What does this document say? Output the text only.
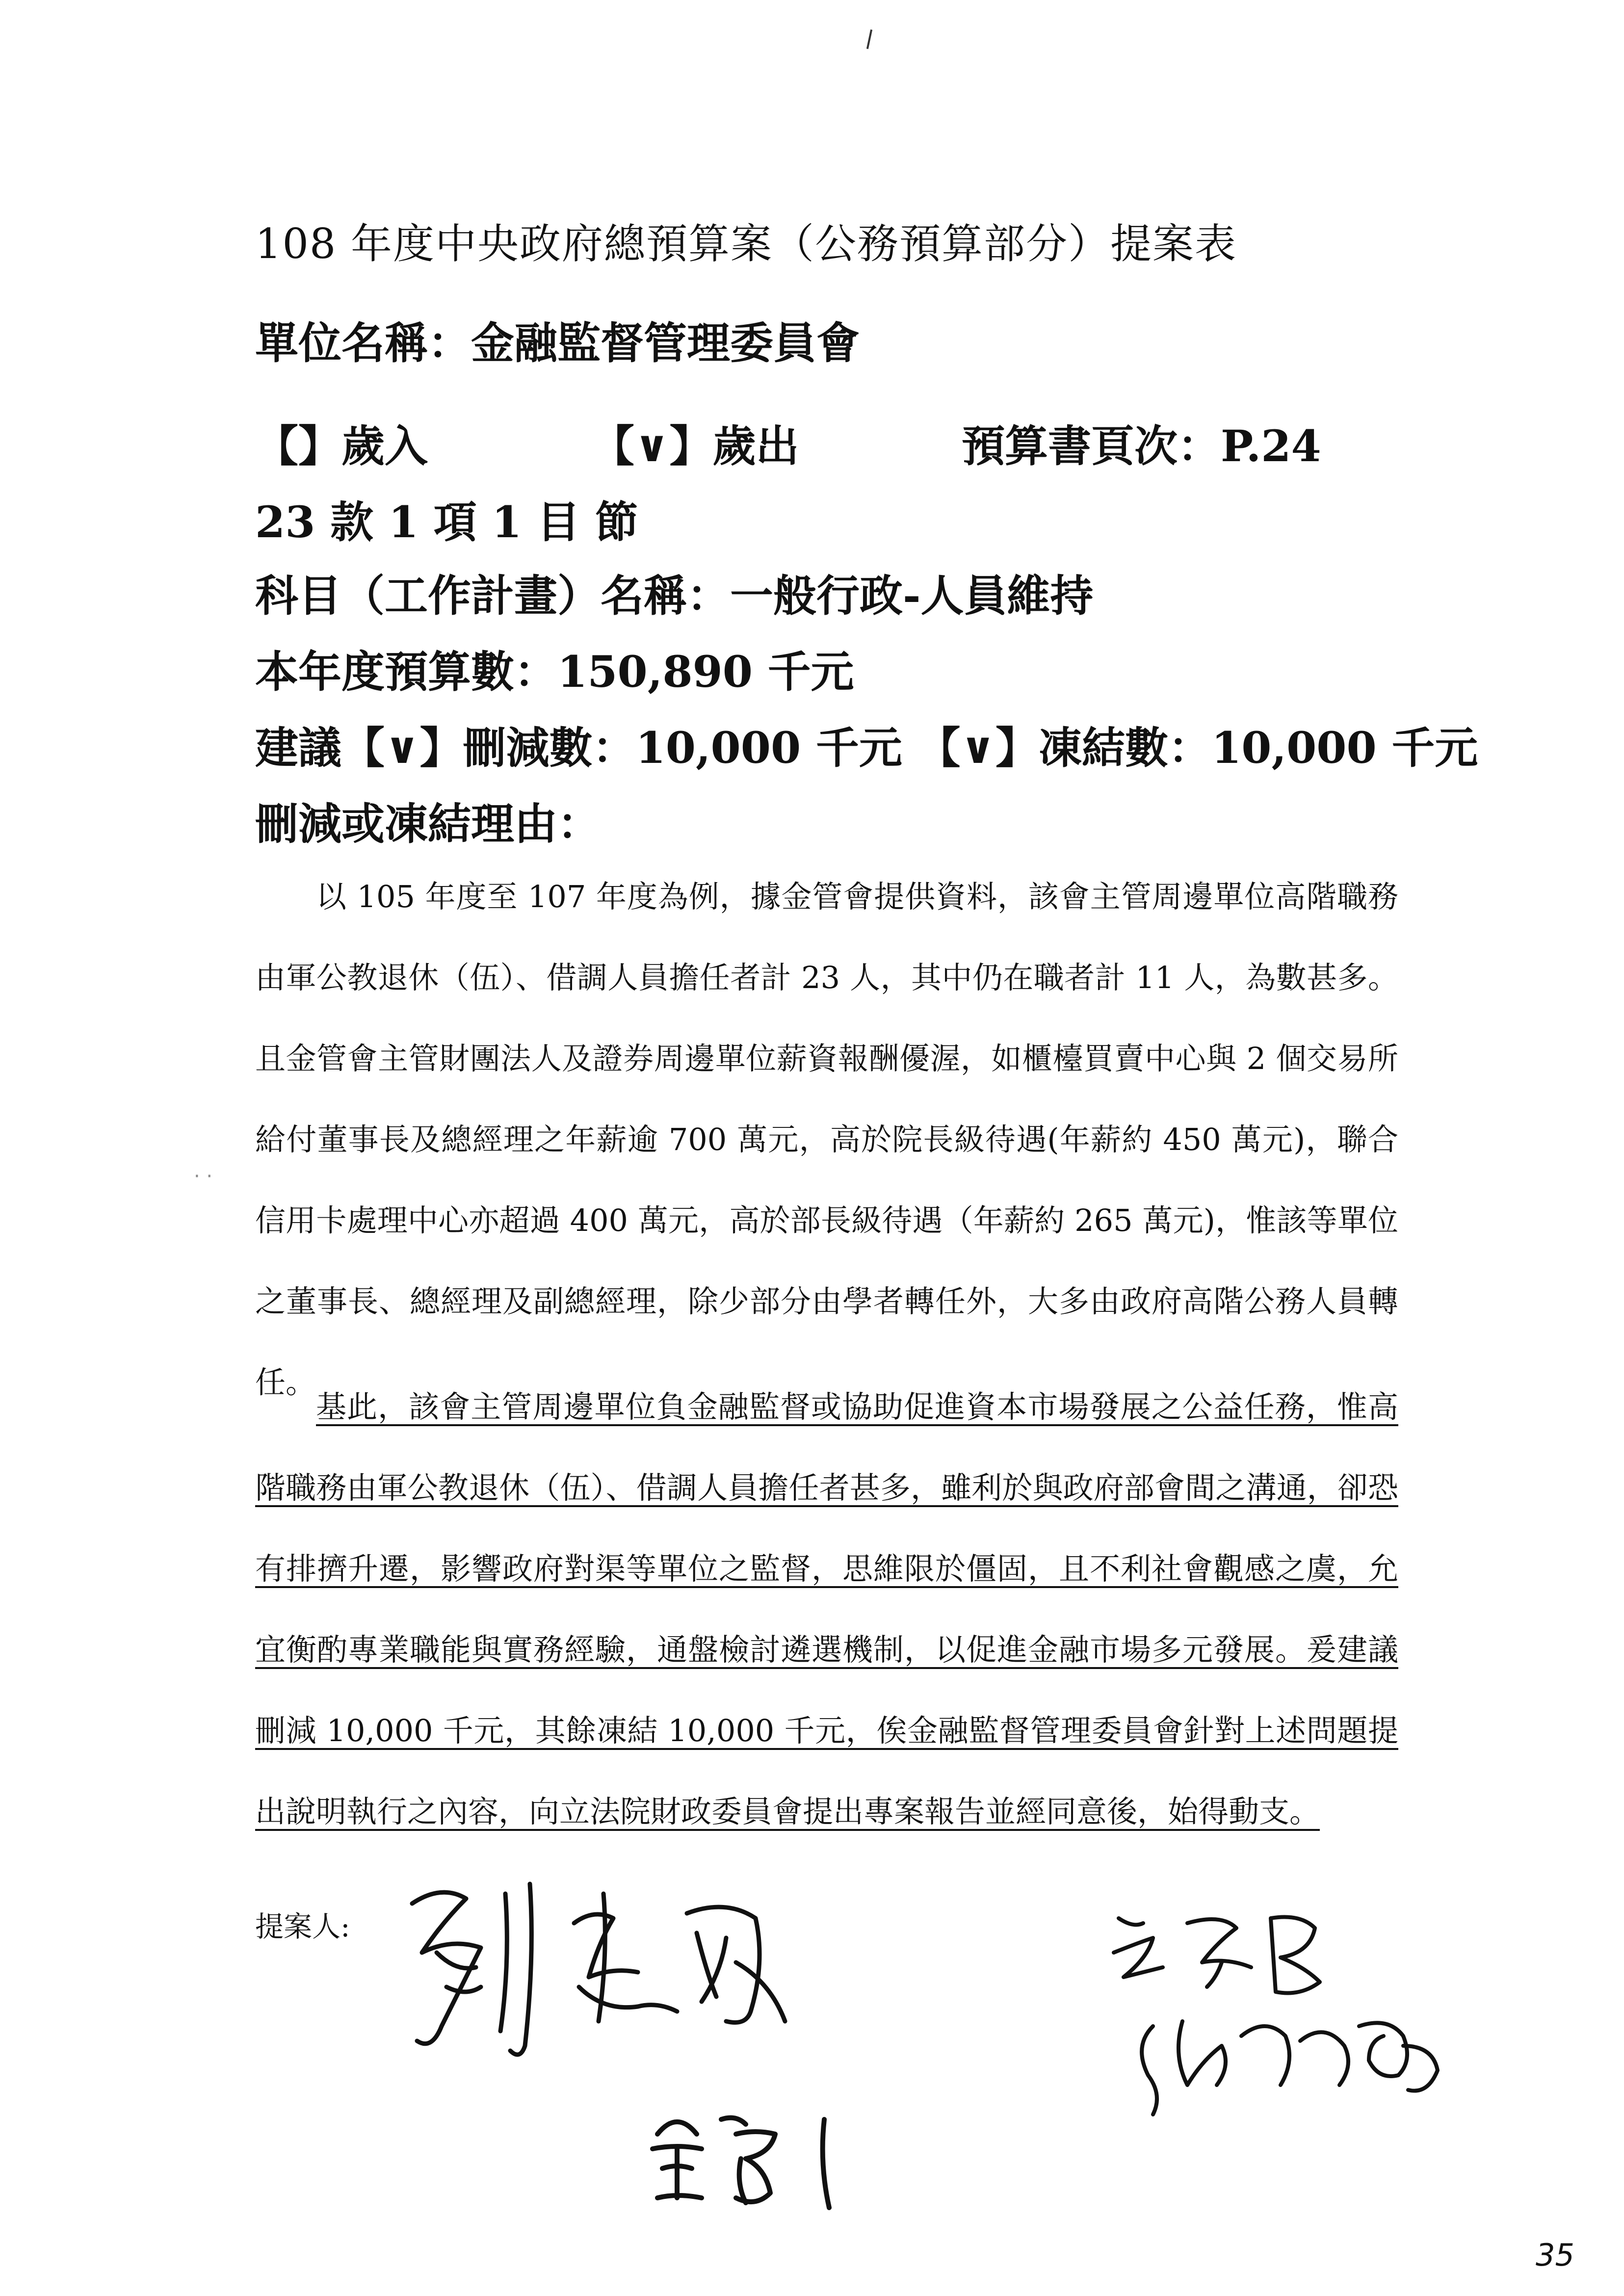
108 年度中央政府總預算案（公務預算部分）提案表
單位名稱：金融監督管理委員會
【】歲入	【∨】歲出	預算書頁次：P.24
23 款 1 項 1 目 節
科目（工作計畫）名稱：一般行政-人員維持
本年度預算數：150,890 千元
建議【∨】刪減數：10,000 千元 【∨】凍結數：10,000 千元
刪減或凍結理由：
· ·

以 105 年度至 107 年度為例，據金管會提供資料，該會主管周邊單位高階職務由軍公教退休（伍）、借調人員擔任者計 23 人，其中仍在職者計 11 人，為數甚多。且金管會主管財團法人及證券周邊單位薪資報酬優渥，如櫃檯買賣中心與 2 個交易所給付董事長及總經理之年薪逾 700 萬元，高於院長級待遇(年薪約 450 萬元)，聯合信用卡處理中心亦超過 400 萬元，高於部長級待遇（年薪約 265 萬元)，惟該等單位之董事長、總經理及副總經理，除少部分由學者轉任外，大多由政府高階公務人員轉任。

基此，該會主管周邊單位負金融監督或協助促進資本市場發展之公益任務，惟高階職務由軍公教退休（伍）、借調人員擔任者甚多，雖利於與政府部會間之溝通，卻恐有排擠升遷，影響政府對渠等單位之監督，思維限於僵固，且不利社會觀感之虞，允宜衡酌專業職能與實務經驗，通盤檢討遴選機制，以促進金融市場多元發展。爰建議刪減 10,000 千元，其餘凍結 10,000 千元，俟金融監督管理委員會針對上述問題提出說明執行之內容，向立法院財政委員會提出專案報告並經同意後，始得動支。

提案人:
35
